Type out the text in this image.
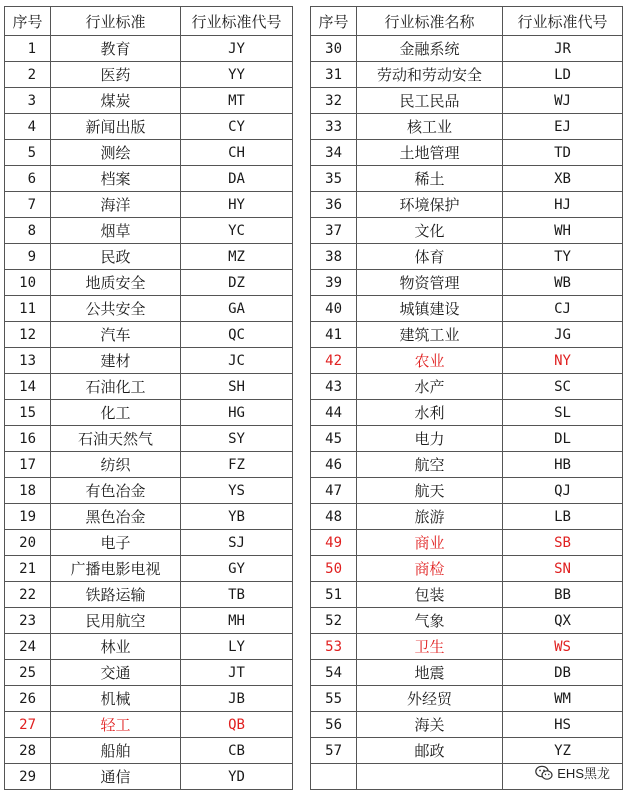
序号	行业标准	行业标准代号		序号	行业标准名称	行业标准代号
1	教育	JY		30	金融系统	JR
2	医药	YY		31	劳动和劳动安全	LD
3	煤炭	MT		32	民工民品	WJ
4	新闻出版	CY		33	核工业	EJ
5	测绘	CH		34	土地管理	TD
6	档案	DA		35	稀土	XB
7	海洋	HY		36	环境保护	HJ
8	烟草	YC		37	文化	WH
9	民政	MZ		38	体育	TY
10	地质安全	DZ		39	物资管理	WB
11	公共安全	GA		40	城镇建设	CJ
12	汽车	QC		41	建筑工业	JG
13	建材	JC		42	农业	NY
14	石油化工	SH		43	水产	SC
15	化工	HG		44	水利	SL
16	石油天然气	SY		45	电力	DL
17	纺织	FZ		46	航空	HB
18	有色冶金	YS		47	航天	QJ
19	黑色冶金	YB		48	旅游	LB
20	电子	SJ		49	商业	SB
21	广播电影电视	GY		50	商检	SN
22	铁路运输	TB		51	包装	BB
23	民用航空	MH		52	气象	QX
24	林业	LY		53	卫生	WS
25	交通	JT		54	地震	DB
26	机械	JB		55	外经贸	WM
27	轻工	QB		56	海关	HS
28	船舶	CB		57	邮政	YZ
29	通信	YD					EHS黑龙
